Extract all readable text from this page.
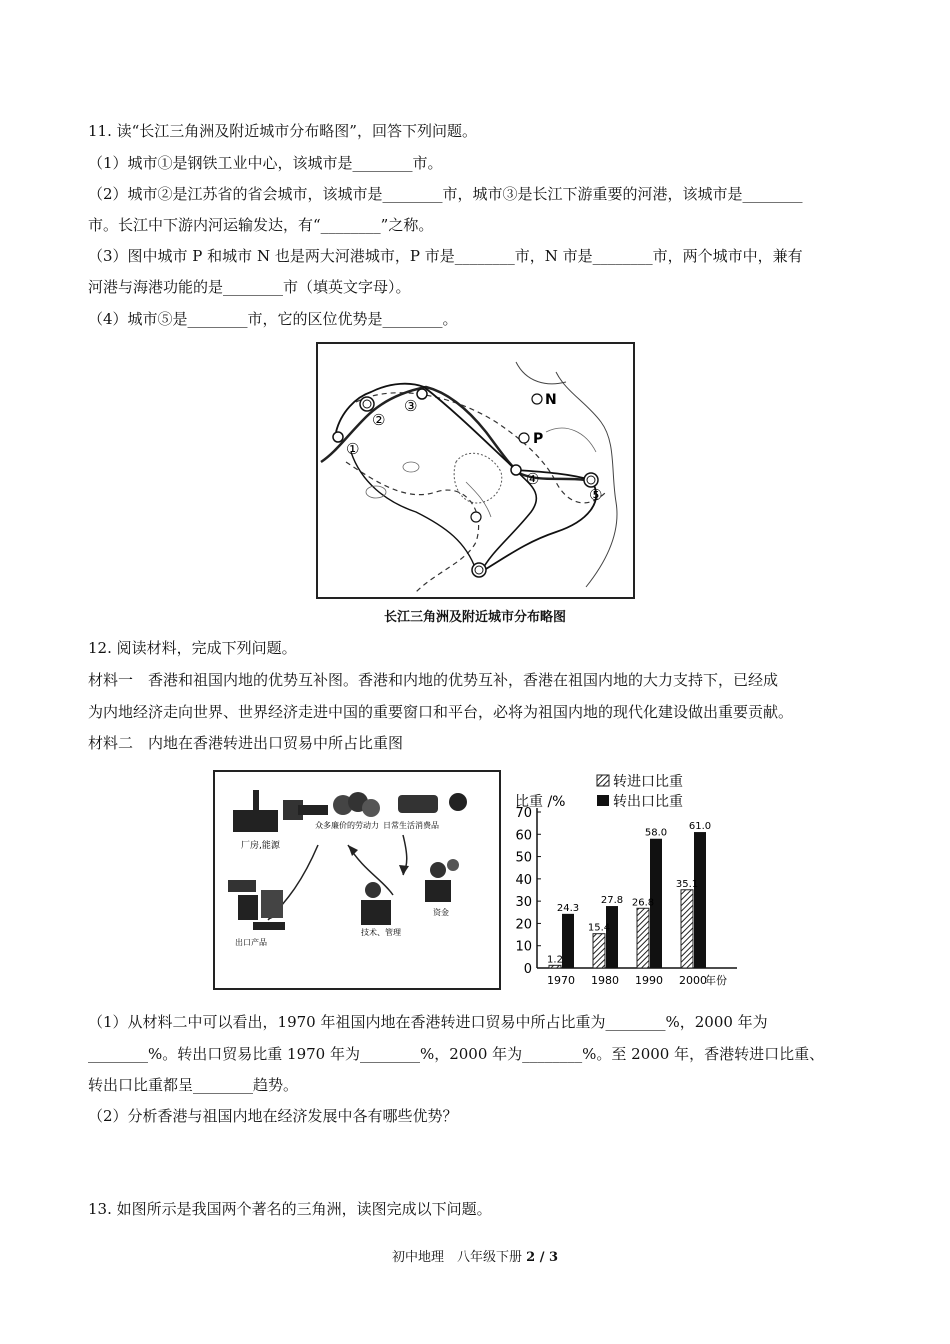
11. 读“长江三角洲及附近城市分布略图”，回答下列问题。
（1）城市①是钢铁工业中心，该城市是________市。
（2）城市②是江苏省的省会城市，该城市是________市，城市③是长江下游重要的河港，该城市是________
市。长江中下游内河运输发达，有“________”之称。
（3）图中城市 P 和城市 N 也是两大河港城市，P 市是________市，N 市是________市，两个城市中，兼有
河港与海港功能的是________市（填英文字母）。
（4）城市⑤是________市，它的区位优势是________。
①
②
③
④
⑤
N
P
长江三角洲及附近城市分布略图
12. 阅读材料，完成下列问题。
材料一　香港和祖国内地的优势互补图。香港和内地的优势互补，香港在祖国内地的大力支持下，已经成
为内地经济走向世界、世界经济走进中国的重要窗口和平台，必将为祖国内地的现代化建设做出重要贡献。
材料二　内地在香港转进出口贸易中所占比重图
厂房,能源
众多廉价的劳动力 日常生活消费品
出口产品
技术、管理
资金
比重 /%
转进口比重
转出口比重
年份
0
10
20
30
40
50
60
70
1.2
24.3
1970
15.4
27.8
1980
26.8
58.0
1990
35.1
61.0
2000
（1）从材料二中可以看出，1970 年祖国内地在香港转进口贸易中所占比重为________%，2000 年为
________%。转出口贸易比重 1970 年为________%，2000 年为________%。至 2000 年，香港转进口比重、
转出口比重都呈________趋势。
（2）分析香港与祖国内地在经济发展中各有哪些优势？
13. 如图所示是我国两个著名的三角洲，读图完成以下问题。
初中地理　八年级下册 2 / 3
